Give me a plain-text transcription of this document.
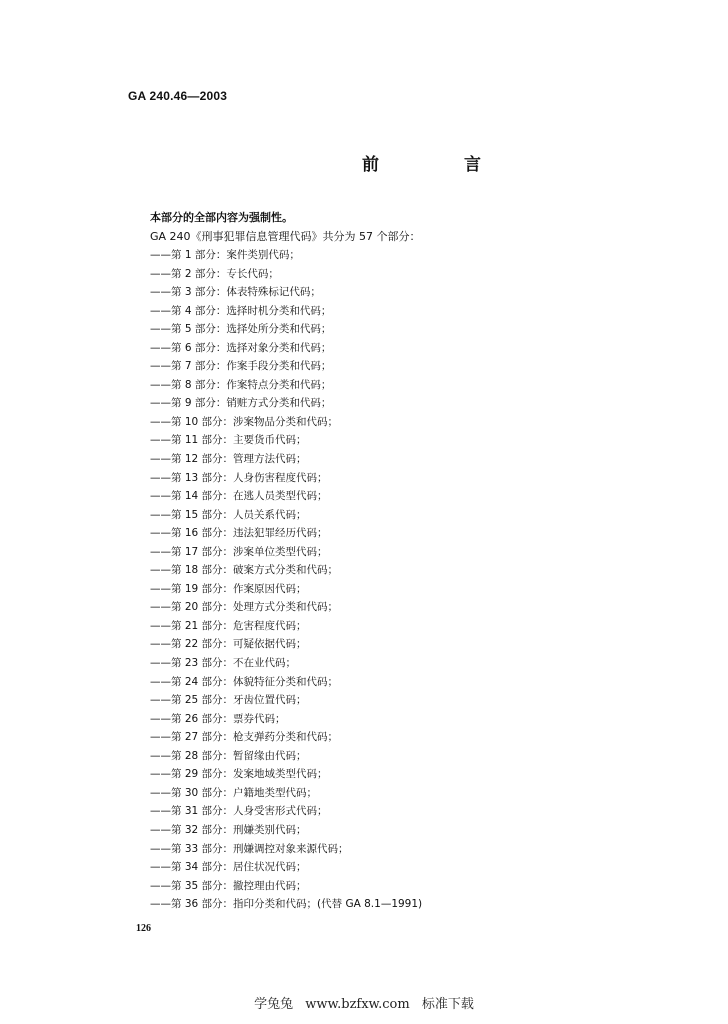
GA 240.46—2003
前　言
本部分的全部内容为强制性。
GA 240《刑事犯罪信息管理代码》共分为 57 个部分：
——第 1 部分：案件类别代码；
——第 2 部分：专长代码；
——第 3 部分：体表特殊标记代码；
——第 4 部分：选择时机分类和代码；
——第 5 部分：选择处所分类和代码；
——第 6 部分：选择对象分类和代码；
——第 7 部分：作案手段分类和代码；
——第 8 部分：作案特点分类和代码；
——第 9 部分：销赃方式分类和代码；
——第 10 部分：涉案物品分类和代码；
——第 11 部分：主要货币代码；
——第 12 部分：管理方法代码；
——第 13 部分：人身伤害程度代码；
——第 14 部分：在逃人员类型代码；
——第 15 部分：人员关系代码；
——第 16 部分：违法犯罪经历代码；
——第 17 部分：涉案单位类型代码；
——第 18 部分：破案方式分类和代码；
——第 19 部分：作案原因代码；
——第 20 部分：处理方式分类和代码；
——第 21 部分：危害程度代码；
——第 22 部分：可疑依据代码；
——第 23 部分：不在业代码；
——第 24 部分：体貌特征分类和代码；
——第 25 部分：牙齿位置代码；
——第 26 部分：票券代码；
——第 27 部分：枪支弹药分类和代码；
——第 28 部分：暂留缘由代码；
——第 29 部分：发案地域类型代码；
——第 30 部分：户籍地类型代码；
——第 31 部分：人身受害形式代码；
——第 32 部分：刑嫌类别代码；
——第 33 部分：刑嫌调控对象来源代码；
——第 34 部分：居住状况代码；
——第 35 部分：撤控理由代码；
——第 36 部分：指印分类和代码；(代替 GA 8.1—1991)
126
学兔兔 www.bzfxw.com 标准下载
